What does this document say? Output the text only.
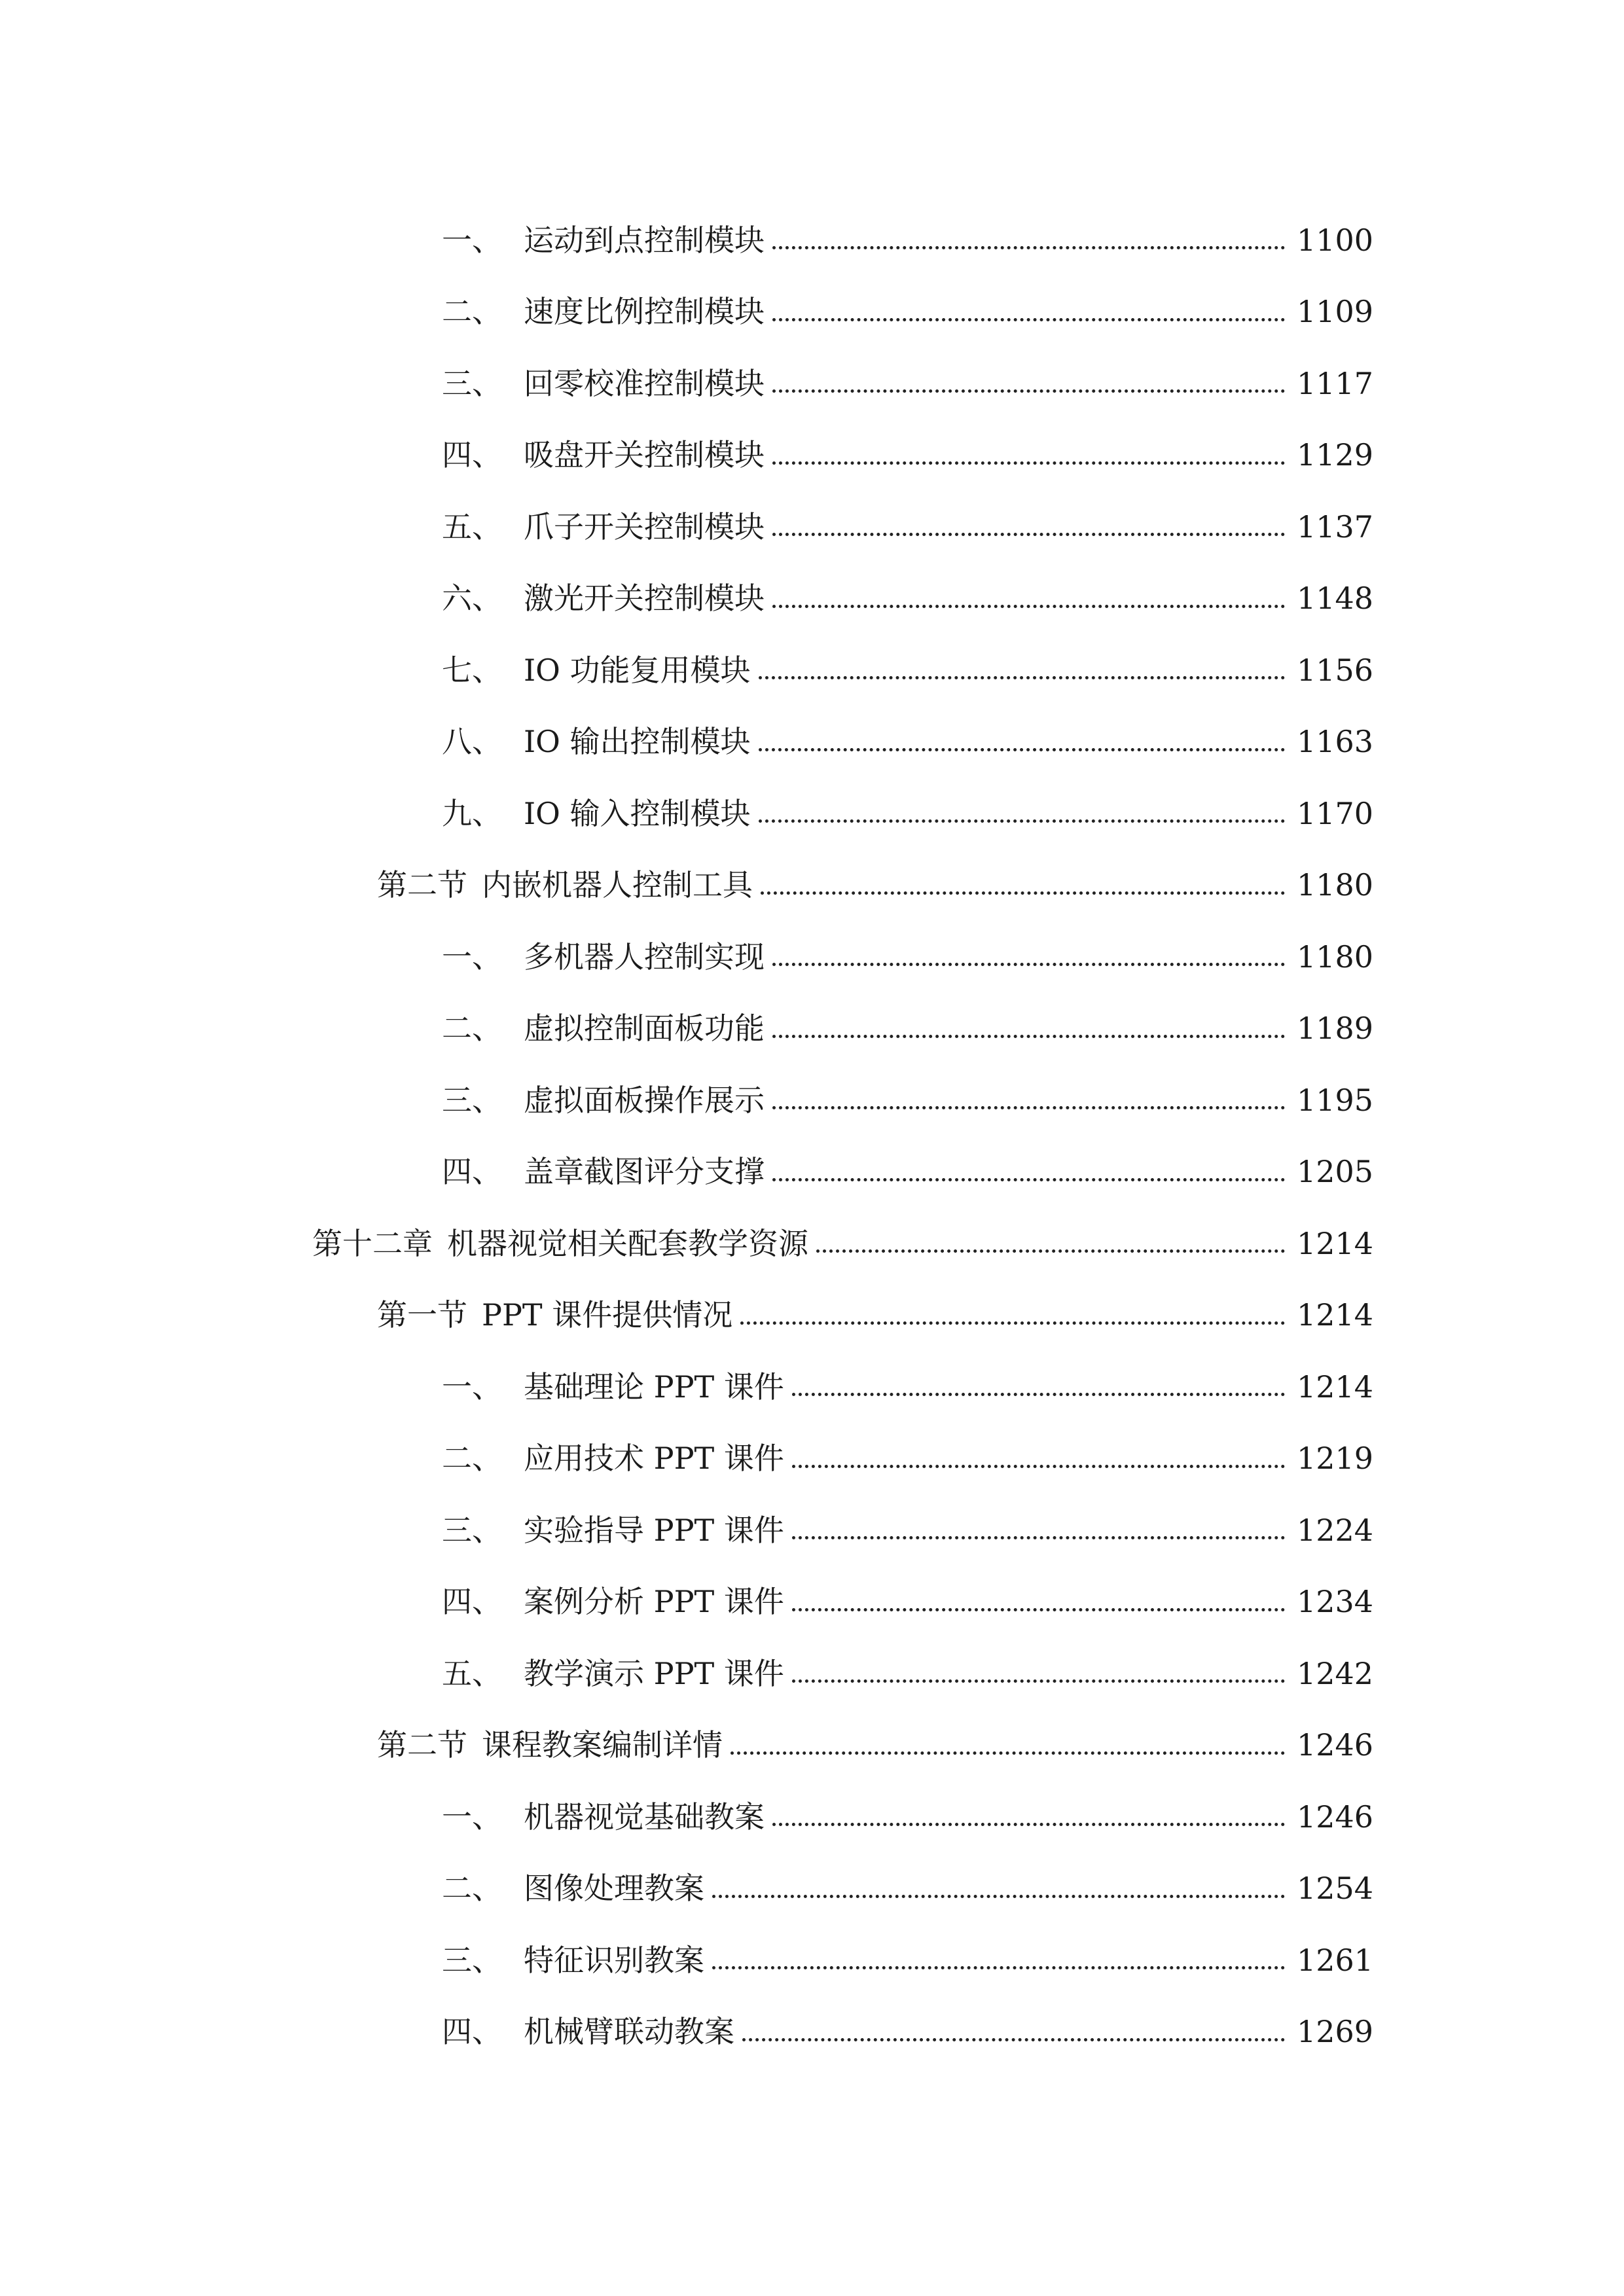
一、 运动到点控制模块	1100
二、 速度比例控制模块	1109
三、 回零校准控制模块	1117
四、 吸盘开关控制模块	1129
五、 爪子开关控制模块	1137
六、 激光开关控制模块	1148
七、 IO 功能复用模块	1156
八、 IO 输出控制模块	1163
九、 IO 输入控制模块	1170
第二节 内嵌机器人控制工具	1180
一、 多机器人控制实现	1180
二、 虚拟控制面板功能	1189
三、 虚拟面板操作展示	1195
四、 盖章截图评分支撑	1205
第十二章 机器视觉相关配套教学资源	1214
第一节 PPT 课件提供情况	1214
一、 基础理论 PPT 课件	1214
二、 应用技术 PPT 课件	1219
三、 实验指导 PPT 课件	1224
四、 案例分析 PPT 课件	1234
五、 教学演示 PPT 课件	1242
第二节 课程教案编制详情	1246
一、 机器视觉基础教案	1246
二、 图像处理教案	1254
三、 特征识别教案	1261
四、 机械臂联动教案	1269
